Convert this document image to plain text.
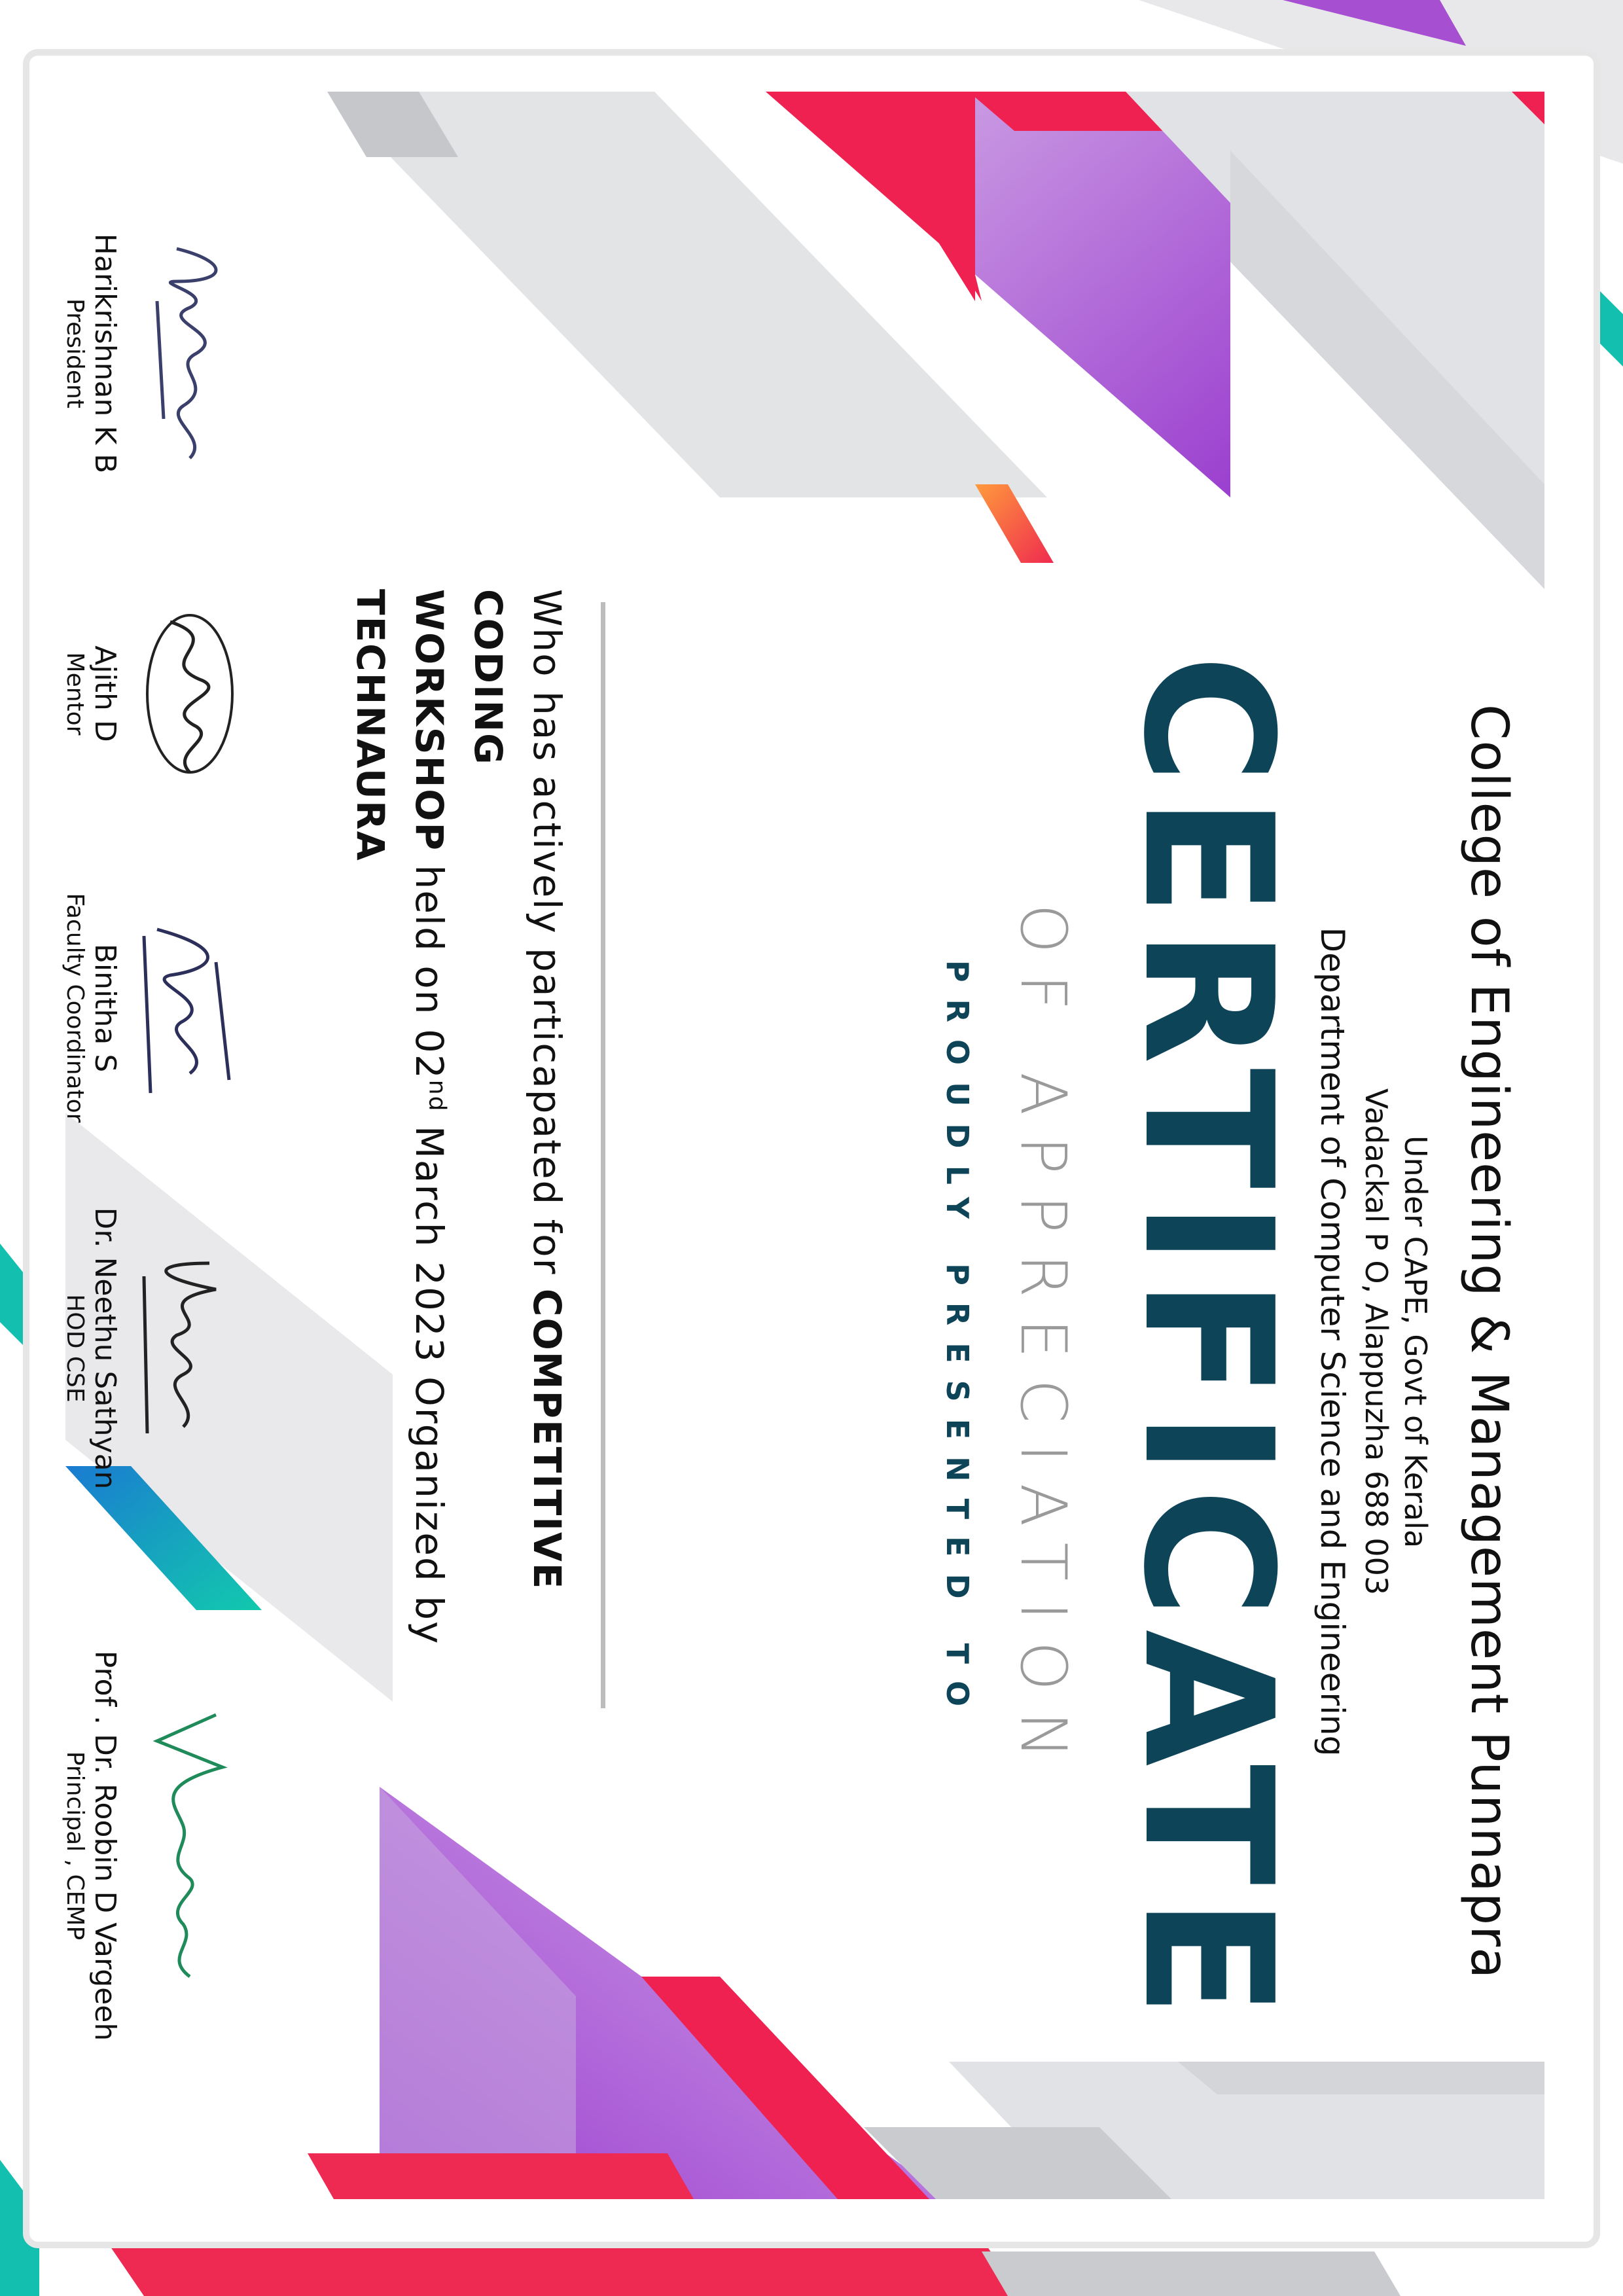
College of Engineering & Management Punnapra
Under CAPE, Govt of Kerala
Vadackal P O, Alappuzha 688 003
Department of Computer Science and Engineering
CERTIFICATE
OF APPRECIATION
PROUDLY PRESENTED TO
Who has actively particapated for COMPETITIVE CODING
WORKSHOP held on 02nd March 2023 Organized by
TECHNAURA
Harikrishnan K B
President
Ajith D
Mentor
Binitha S
Faculty Coordinator
Dr. Neethu Sathyan
HOD CSE
Prof . Dr. Roobin D Vargeeh
Principal , CEMP
